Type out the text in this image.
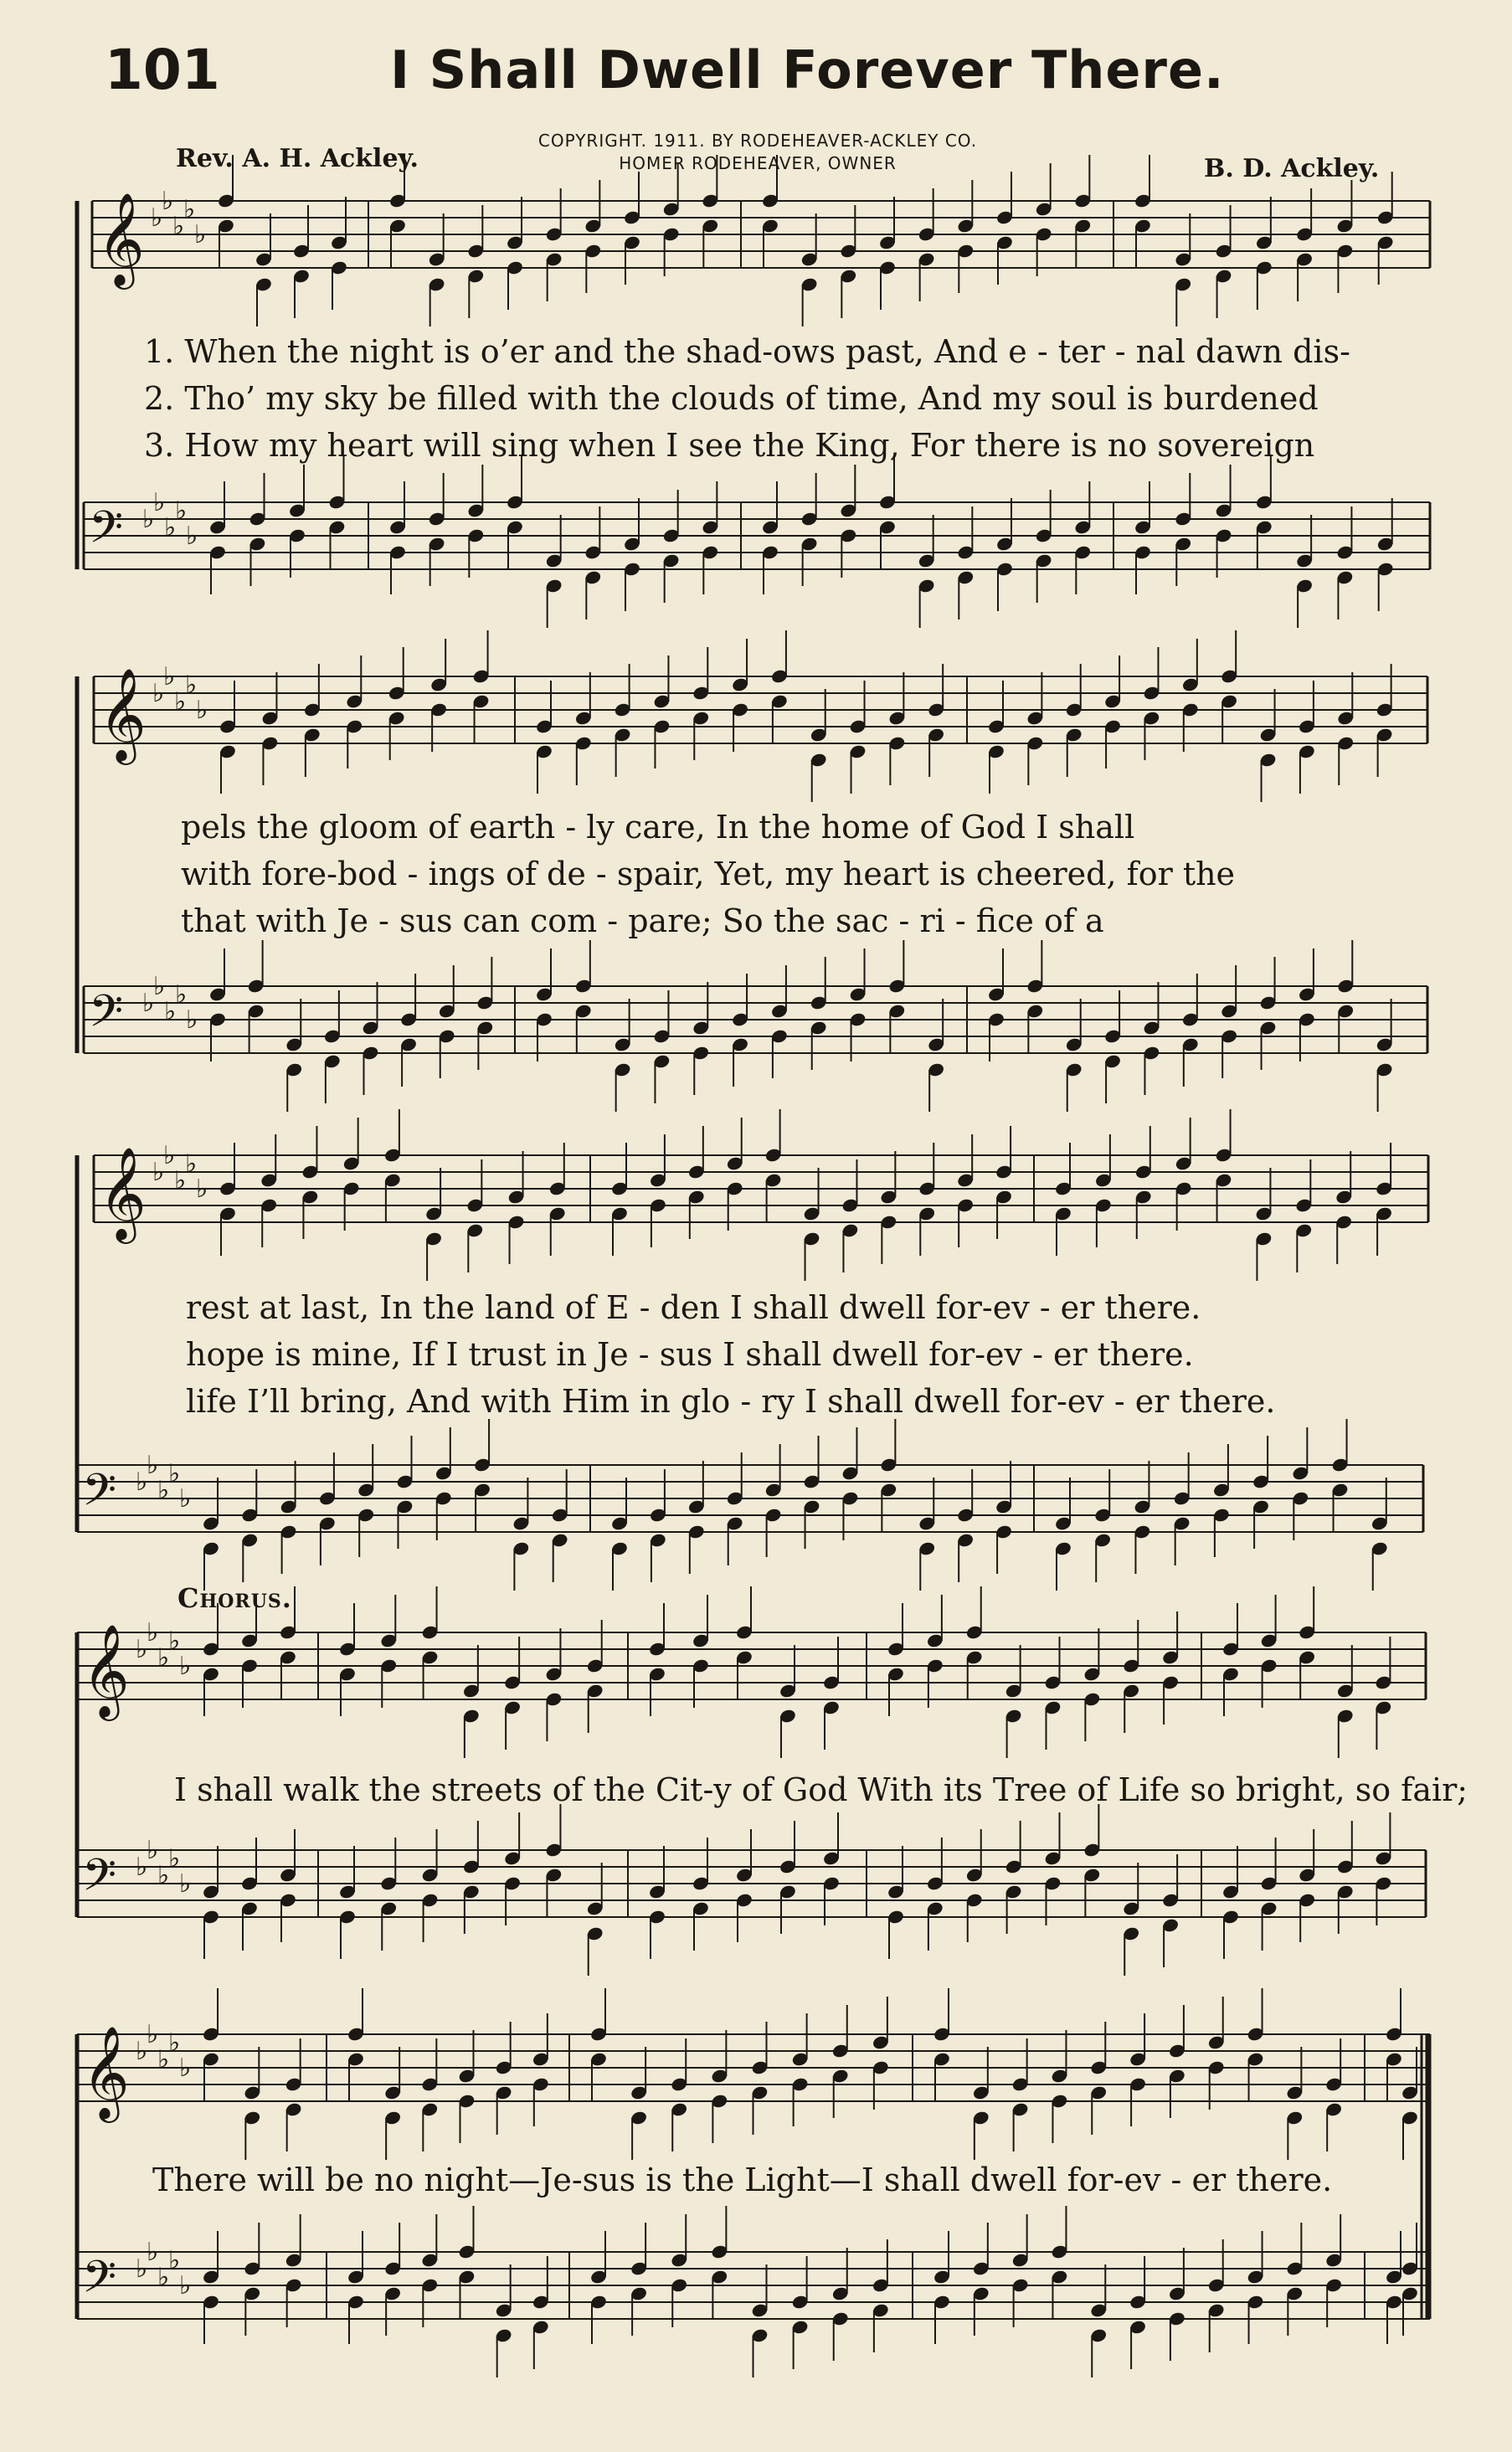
101	I Shall Dwell Forever There.
COPYRIGHT. 1911. BY RODEHEAVER-ACKLEY CO.
HOMER RODEHEAVER, OWNER
Rev. A. H. Ackley.	B. D. Ackley.
𝄞 ♭
♭
♭
♭
♭
𝄢 ♭
♭
♭
♭
♭
𝄞 ♭
♭
♭
♭
♭
𝄢 ♭
♭
♭
♭
♭
𝄞 ♭
♭
♭
♭
♭
𝄢 ♭
♭
♭
♭
♭
𝄞 ♭
♭
♭
♭
♭
𝄢 ♭
♭
♭
♭
♭
𝄞 ♭
♭
♭
♭
♭
𝄢 ♭
♭
♭
♭
♭
1. When the night is o’er and the shad-ows past, And e - ter - nal dawn dis-
2. Tho’ my sky be filled with the clouds of time, And my soul is burdened
3. How my heart will sing when I see the King, For there is no sovereign
pels the gloom of earth - ly care, In the home of God I shall
with fore-bod - ings of de - spair, Yet, my heart is cheered, for the
that with Je - sus can com - pare; So the sac - ri - fice of a
rest at last, In the land of E - den I shall dwell for-ev - er there.
hope is mine, If I trust in Je - sus I shall dwell for-ev - er there.
life I’ll bring, And with Him in glo - ry I shall dwell for-ev - er there.
Chorus.
I shall walk the streets of the Cit-y of God With its Tree of Life so bright, so fair;
There will be no night—Je-sus is the Light—I shall dwell for-ev - er there.
